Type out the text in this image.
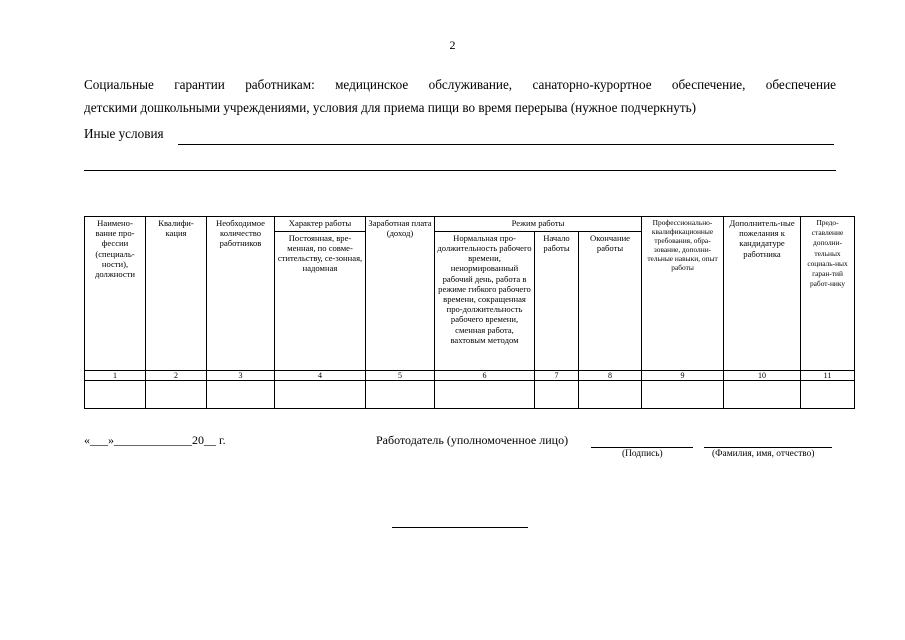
2
Социальные гарантии работникам: медицинское обслуживание, санаторно-курортное обеспечение, обеспечение
детскими дошкольными учреждениями, условия для приема пищи во время перерыва (нужное подчеркнуть)
Иные условия
Наимено-вание про-фессии (специаль-ности), должности	Квалифи-кация	Необходимое количество работников	Характер работы	Заработная плата (доход)	Режим работы			Профессионально-квалификационные требования, обра-зование, дополни-тельные навыки, опыт работы	Дополнитель-ные пожелания к кандидатуре работника	Предо-ставление дополни-тельных социаль-ных гаран-тий работ-нику
			Постоянная, вре-менная, по совме-стительству, се-зонная, надомная		Нормальная про-должительность рабочего времени, ненормированный рабочий день, работа в режиме гибкого рабочего времени, сокращенная про-должительность рабочего времени, сменная работа, вахтовым методом	Начало работы	Окончание работы			
1	2	3	4	5	6	7	8	9	10	11

«___»_____________20__ г.	Работодатель (уполномоченное лицо)
(Подпись)	(Фамилия, имя, отчество)
